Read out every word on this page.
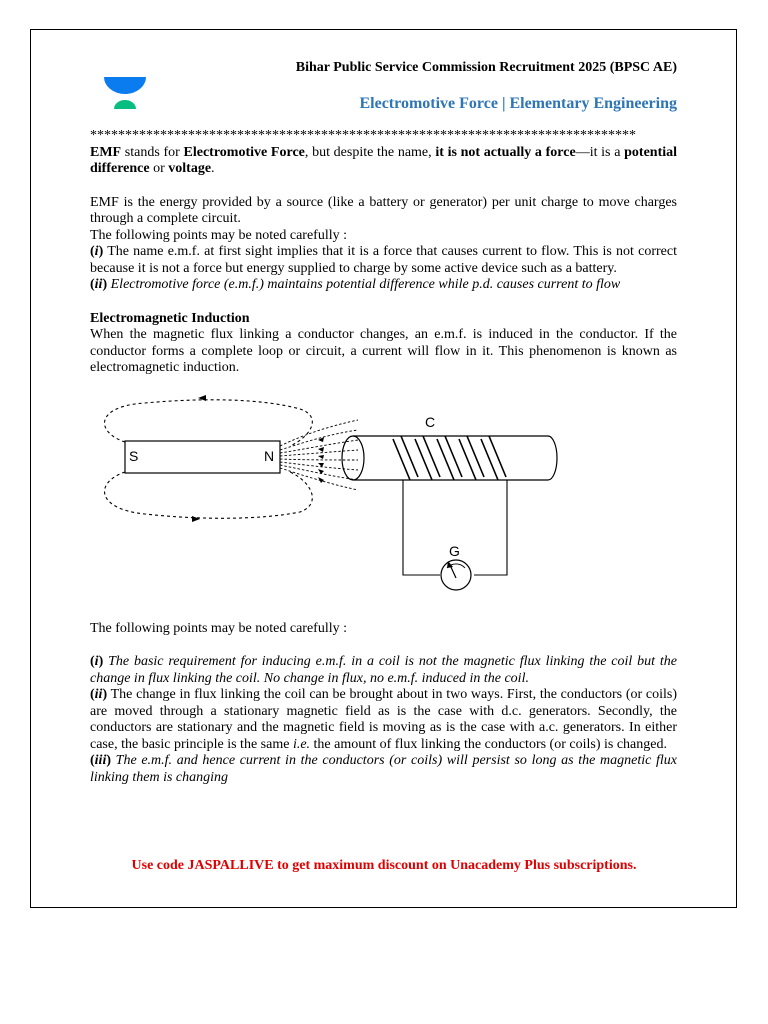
Bihar Public Service Commission Recruitment 2025 (BPSC AE)
Electromotive Force | Elementary Engineering

******************************************************************************

EMF stands for Electromotive Force, but despite the name, it is not actually a force—it is a potential difference or voltage.

EMF is the energy provided by a source (like a battery or generator) per unit charge to move charges through a complete circuit.

The following points may be noted carefully :

(i) The name e.m.f. at first sight implies that it is a force that causes current to flow. This is not correct because it is not a force but energy supplied to charge by some active device such as a battery.

(ii) Electromotive force (e.m.f.) maintains potential difference while p.d. causes current to flow

Electromagnetic Induction

When the magnetic flux linking a conductor changes, an e.m.f. is induced in the conductor. If the conductor forms a complete loop or circuit, a current will flow in it. This phenomenon is known as electromagnetic induction.

S	N
C
G

The following points may be noted carefully :

(i) The basic requirement for inducing e.m.f. in a coil is not the magnetic flux linking the coil but the change in flux linking the coil. No change in flux, no e.m.f. induced in the coil.

(ii) The change in flux linking the coil can be brought about in two ways. First, the conductors (or coils) are moved through a stationary magnetic field as is the case with d.c. generators. Secondly, the conductors are stationary and the magnetic field is moving as is the case with a.c. generators. In either case, the basic principle is the same i.e. the amount of flux linking the conductors (or coils) is changed.

(iii) The e.m.f. and hence current in the conductors (or coils) will persist so long as the magnetic flux linking them is changing

Use code JASPALLIVE to get maximum discount on Unacademy Plus subscriptions.
